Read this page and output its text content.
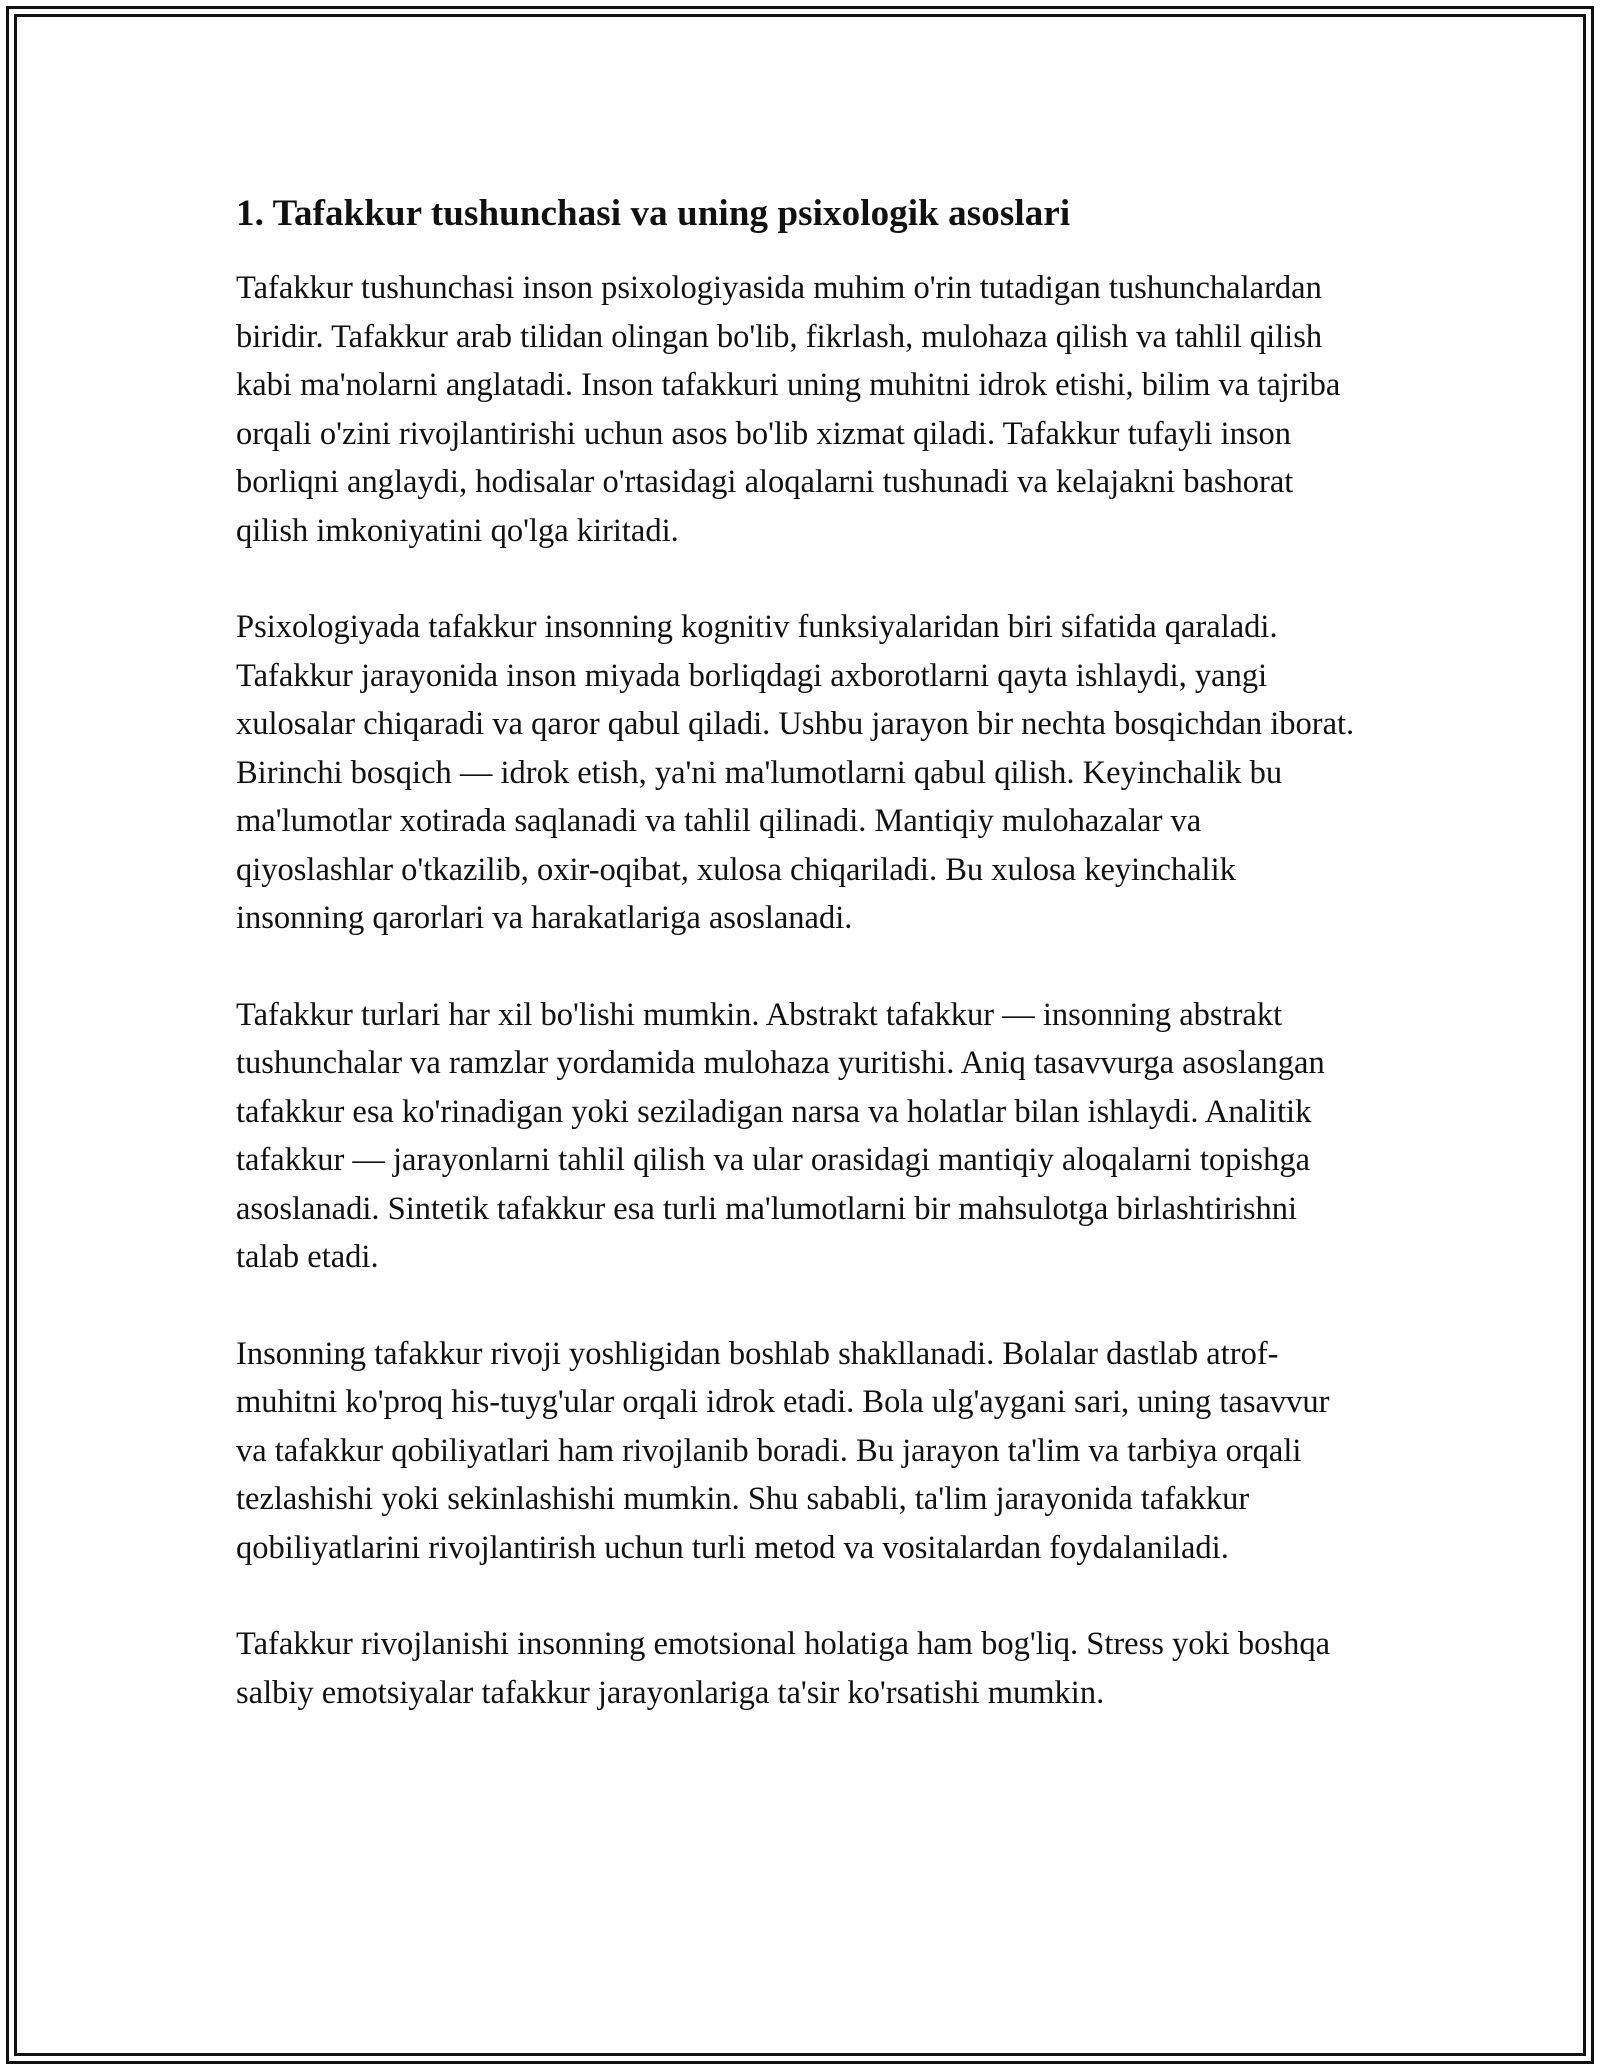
1. Tafakkur tushunchasi va uning psixologik asoslari

Tafakkur tushunchasi inson psixologiyasida muhim o'rin tutadigan tushunchalardan biridir. Tafakkur arab tilidan olingan bo'lib, fikrlash, mulohaza qilish va tahlil qilish kabi ma'nolarni anglatadi. Inson tafakkuri uning muhitni idrok etishi, bilim va tajriba orqali o'zini rivojlantirishi uchun asos bo'lib xizmat qiladi. Tafakkur tufayli inson borliqni anglaydi, hodisalar o'rtasidagi aloqalarni tushunadi va kelajakni bashorat qilish imkoniyatini qo'lga kiritadi.

Psixologiyada tafakkur insonning kognitiv funksiyalaridan biri sifatida qaraladi. Tafakkur jarayonida inson miyada borliqdagi axborotlarni qayta ishlaydi, yangi xulosalar chiqaradi va qaror qabul qiladi. Ushbu jarayon bir nechta bosqichdan iborat. Birinchi bosqich — idrok etish, ya'ni ma'lumotlarni qabul qilish. Keyinchalik bu ma'lumotlar xotirada saqlanadi va tahlil qilinadi. Mantiqiy mulohazalar va qiyoslashlar o'tkazilib, oxir-oqibat, xulosa chiqariladi. Bu xulosa keyinchalik insonning qarorlari va harakatlariga asoslanadi.

Tafakkur turlari har xil bo'lishi mumkin. Abstrakt tafakkur — insonning abstrakt tushunchalar va ramzlar yordamida mulohaza yuritishi. Aniq tasavvurga asoslangan tafakkur esa ko'rinadigan yoki seziladigan narsa va holatlar bilan ishlaydi. Analitik tafakkur — jarayonlarni tahlil qilish va ular orasidagi mantiqiy aloqalarni topishga asoslanadi. Sintetik tafakkur esa turli ma'lumotlarni bir mahsulotga birlashtirishni talab etadi.

Insonning tafakkur rivoji yoshligidan boshlab shakllanadi. Bolalar dastlab atrof-muhitni ko'proq his-tuyg'ular orqali idrok etadi. Bola ulg'aygani sari, uning tasavvur va tafakkur qobiliyatlari ham rivojlanib boradi. Bu jarayon ta'lim va tarbiya orqali tezlashishi yoki sekinlashishi mumkin. Shu sababli, ta'lim jarayonida tafakkur qobiliyatlarini rivojlantirish uchun turli metod va vositalardan foydalaniladi.

Tafakkur rivojlanishi insonning emotsional holatiga ham bog'liq. Stress yoki boshqa salbiy emotsiyalar tafakkur jarayonlariga ta'sir ko'rsatishi mumkin.
